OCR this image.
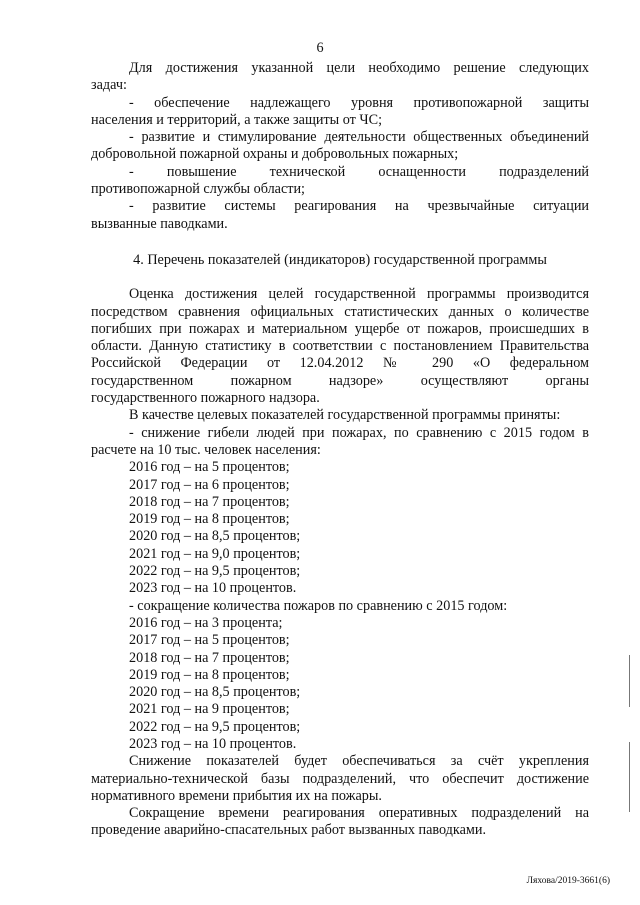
6
Для достижения указанной цели необходимо решение следующих
задач:
- обеспечение надлежащего уровня противопожарной защиты
населения и территорий, а также защиты от ЧС;
- развитие и стимулирование деятельности общественных объединений
добровольной пожарной охраны и добровольных пожарных;
- повышение технической оснащенности подразделений
противопожарной службы области;
- развитие системы реагирования на чрезвычайные ситуации
вызванные паводками.
4. Перечень показателей (индикаторов) государственной программы
Оценка достижения целей государственной программы производится
посредством сравнения официальных статистических данных о количестве
погибших при пожарах и материальном ущербе от пожаров, происшедших в
области. Данную статистику в соответствии с постановлением Правительства
Российской Федерации от 12.04.2012 № 290 «О федеральном
государственном пожарном надзоре» осуществляют органы
государственного пожарного надзора.
В качестве целевых показателей государственной программы приняты:
- снижение гибели людей при пожарах, по сравнению с 2015 годом в
расчете на 10 тыс. человек населения:
2016 год – на 5 процентов;
2017 год – на 6 процентов;
2018 год – на 7 процентов;
2019 год – на 8 процентов;
2020 год – на 8,5 процентов;
2021 год – на 9,0 процентов;
2022 год – на 9,5 процентов;
2023 год – на 10 процентов.
- сокращение количества пожаров по сравнению с 2015 годом:
2016 год – на 3 процента;
2017 год – на 5 процентов;
2018 год – на 7 процентов;
2019 год – на 8 процентов;
2020 год – на 8,5 процентов;
2021 год – на 9 процентов;
2022 год – на 9,5 процентов;
2023 год – на 10 процентов.
Снижение показателей будет обеспечиваться за счёт укрепления
материально-технической базы подразделений, что обеспечит достижение
нормативного времени прибытия их на пожары.
Сокращение времени реагирования оперативных подразделений на
проведение аварийно-спасательных работ вызванных паводками.
Ляхова/2019-3661(6)
